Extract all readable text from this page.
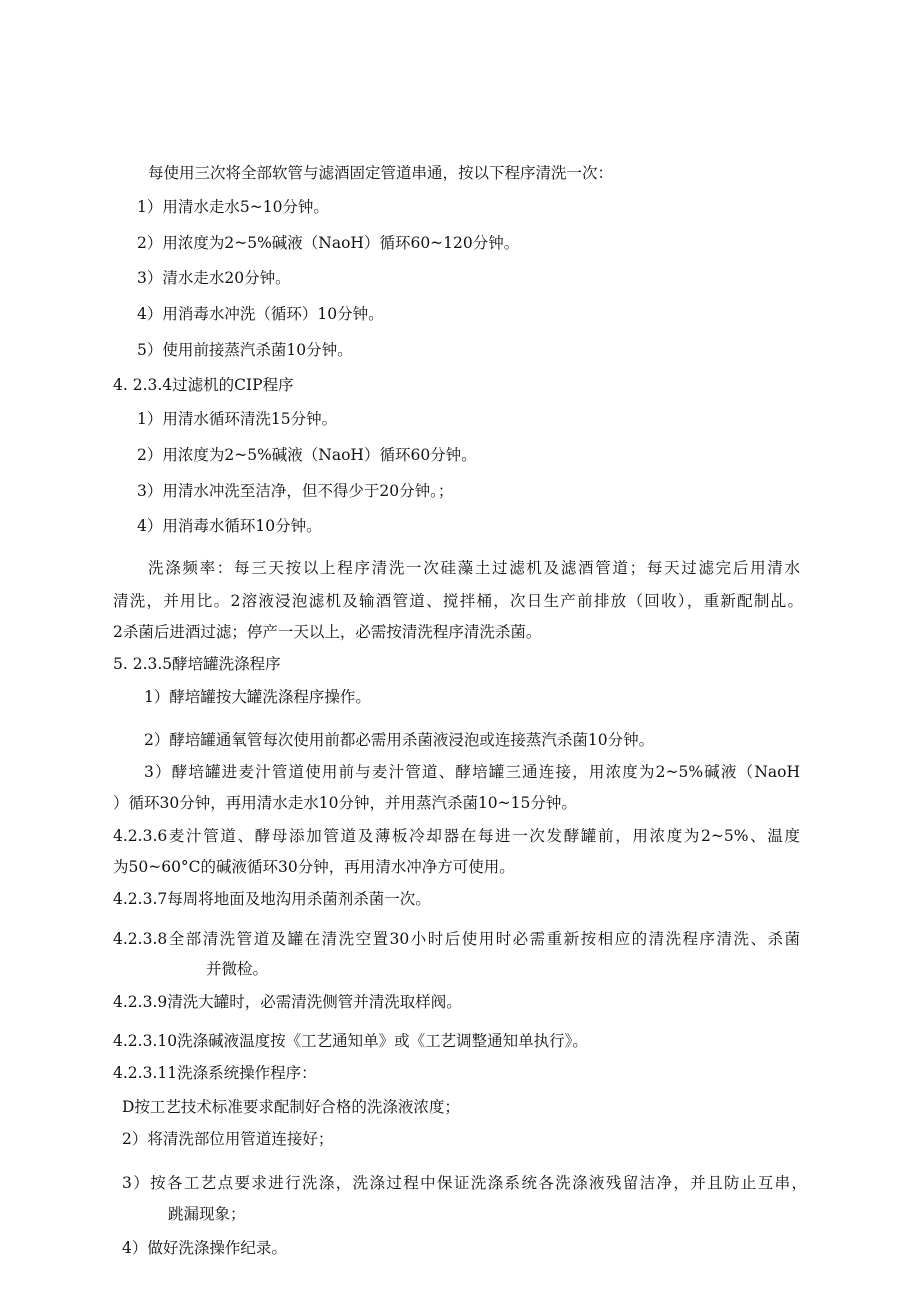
每使用三次将全部软管与滤酒固定管道串通，按以下程序清洗一次：
1）用清水走水5~10分钟。
2）用浓度为2~5%碱液（NaoH）循环60~120分钟。
3）清水走水20分钟。
4）用消毒水冲洗（循环）10分钟。
5）使用前接蒸汽杀菌10分钟。
4. 2.3.4过滤机的CIP程序
1）用清水循环清洗15分钟。
2）用浓度为2~5%碱液（NaoH）循环60分钟。
3）用清水冲洗至洁净，但不得少于20分钟。；
4）用消毒水循环10分钟。
洗涤频率：每三天按以上程序清洗一次硅藻土过滤机及滤酒管道；每天过滤完后用清水
清洗，并用比。2溶液浸泡滤机及输酒管道、搅拌桶，次日生产前排放（回收），重新配制乩。
2杀菌后进酒过滤；停产一天以上，必需按清洗程序清洗杀菌。
5. 2.3.5酵培罐洗涤程序
1）酵培罐按大罐洗涤程序操作。
2）酵培罐通氧管每次使用前都必需用杀菌液浸泡或连接蒸汽杀菌10分钟。
3）酵培罐进麦汁管道使用前与麦汁管道、酵培罐三通连接，用浓度为2~5%碱液（NaoH
）循环30分钟，再用清水走水10分钟，并用蒸汽杀菌10~15分钟。
4.2.3.6麦汁管道、酵母添加管道及薄板冷却器在每进一次发酵罐前，用浓度为2~5%、温度
为50~60°C的碱液循环30分钟，再用清水冲净方可使用。
4.2.3.7每周将地面及地沟用杀菌剂杀菌一次。
4.2.3.8全部清洗管道及罐在清洗空置30小时后使用时必需重新按相应的清洗程序清洗、杀菌
并微检。
4.2.3.9清洗大罐时，必需清洗侧管并清洗取样阀。
4.2.3.10洗涤碱液温度按《工艺通知单》或《工艺调整通知单执行》。
4.2.3.11洗涤系统操作程序：
D按工艺技术标准要求配制好合格的洗涤液浓度；
2）将清洗部位用管道连接好；
3）按各工艺点要求进行洗涤，洗涤过程中保证洗涤系统各洗涤液残留洁净，并且防止互串，
跳漏现象；
4）做好洗涤操作纪录。
